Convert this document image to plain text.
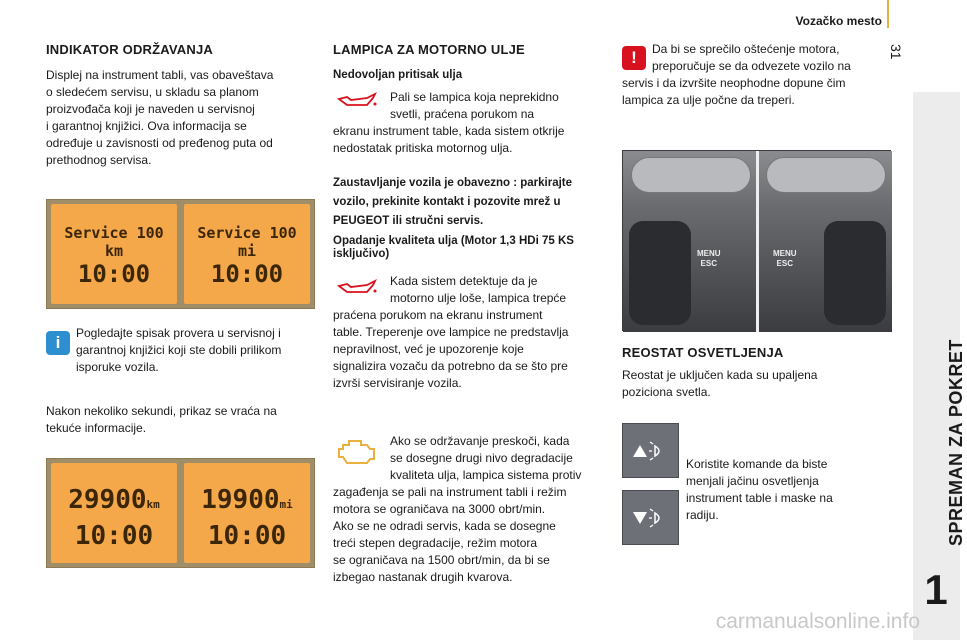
Vozačko mesto
31
SPREMAN ZA POKRET
1
INDIKATOR ODRŽAVANJA
Displej na instrument tabli, vas obaveštava
o sledećem servisu, u skladu sa planom
proizvođača koji je naveden u servisnoj
i garantnoj knjižici. Ova informacija se
određuje u zavisnosti od pređenog puta od
prethodnog servisa.
Service 100 km
10:00
Service 100 mi
10:00
i	Pogledajte spisak provera u servisnoj i
garantnoj knjižici koji ste dobili prilikom
isporuke vozila.
Nakon nekoliko sekundi, prikaz se vraća na
tekuće informacije.
29900km
10:00
19900mi
10:00
LAMPICA ZA MOTORNO ULJE
Nedovoljan pritisak ulja
Pali se lampica koja neprekidno
svetli, praćena porukom na
ekranu instrument table, kada sistem otkrije
nedostatak pritiska motornog ulja.
Zaustavljanje vozila je obavezno : parkirajte
vozilo, prekinite kontakt i pozovite mrež u
PEUGEOT ili stručni servis.
Opadanje kvaliteta ulja (Motor 1,3 HDi 75 KS
isključivo)
Kada sistem detektuje da je
motorno ulje loše, lampica trepće
praćena porukom na ekranu instrument
table. Treperenje ove lampice ne predstavlja
nepravilnost, već je upozorenje koje
signalizira vozaču da potrebno da se što pre
izvrši servisiranje vozila.
Ako se održavanje preskoči, kada
se dosegne drugi nivo degradacije
kvaliteta ulja, lampica sistema protiv
zagađenja se pali na instrument tabli i režim
motora se ograničava na 3000 obrt/min.
Ako se ne odradi servis, kada se dosegne
treći stepen degradacije, režim motora
se ograničava na 1500 obrt/min, da bi se
izbegao nastanak drugih kvarova.
!	Da bi se sprečilo oštećenje motora,
preporučuje se da odvezete vozilo na
servis i da izvršite neophodne dopune čim
lampica za ulje počne da treperi.
MENU
ESC
MENU
ESC
REOSTAT OSVETLJENJA
Reostat je uključen kada su upaljena
poziciona svetla.
Koristite komande da biste
menjali jačinu osvetljenja
instrument table i maske na
radiju.
carmanualsonline.info
